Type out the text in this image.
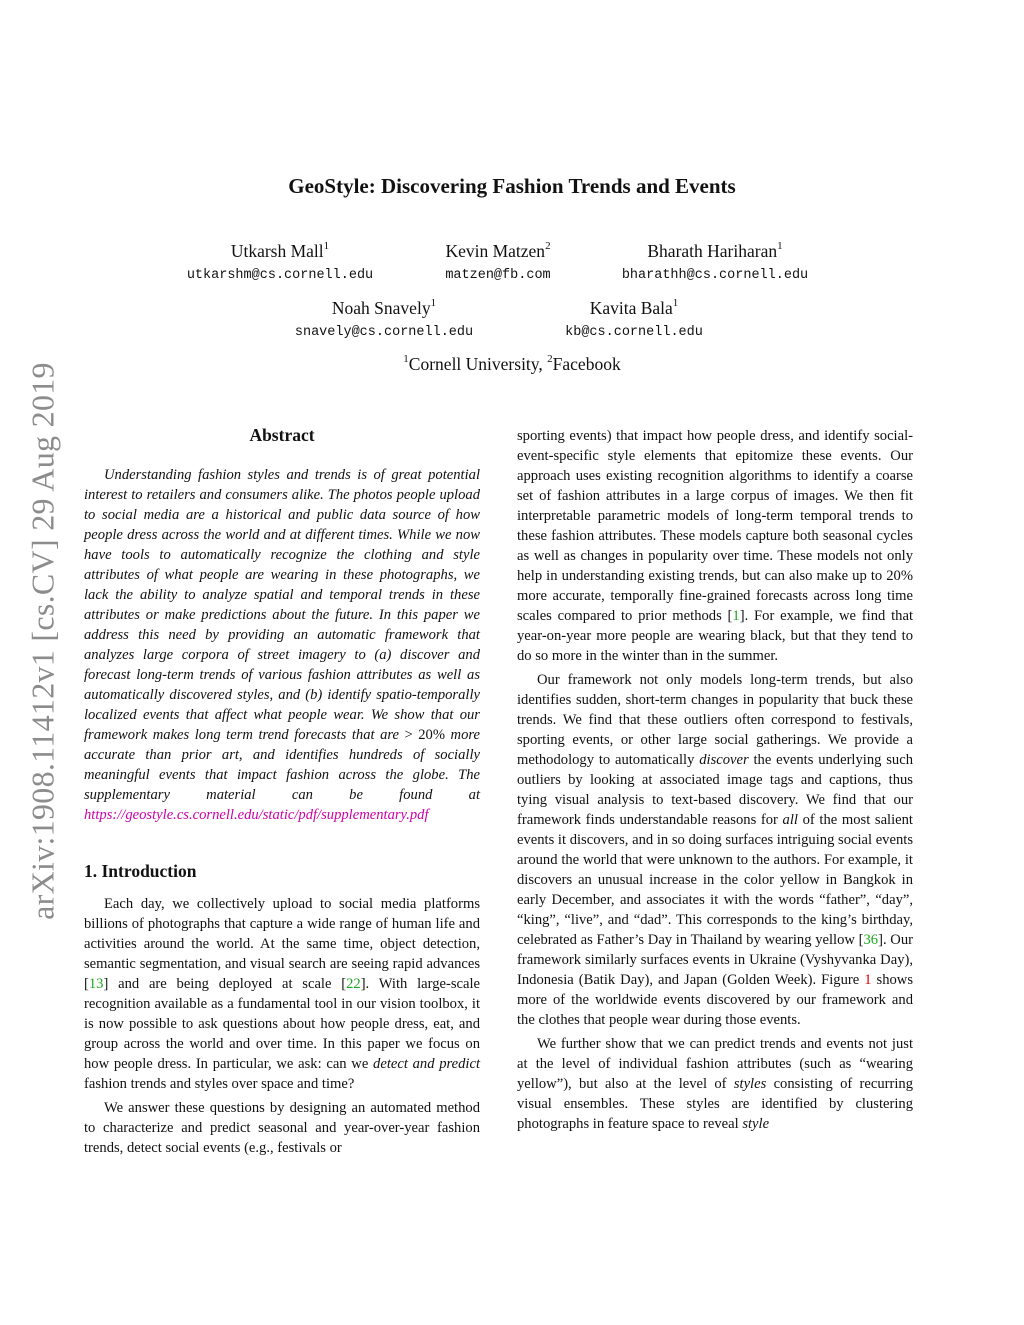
arXiv:1908.11412v1 [cs.CV] 29 Aug 2019
GeoStyle: Discovering Fashion Trends and Events
Utkarsh Mall$^1$
utkarshm@cs.cornell.edu
Kevin Matzen$^2$
matzen@fb.com
Bharath Hariharan$^1$
bharathh@cs.cornell.edu
Noah Snavely$^1$
snavely@cs.cornell.edu
Kavita Bala$^1$
kb@cs.cornell.edu
$^1$Cornell University, $^2$Facebook
Abstract

Understanding fashion styles and trends is of great potential interest to retailers and consumers alike. The photos people upload to social media are a historical and public data source of how people dress across the world and at different times. While we now have tools to automatically recognize the clothing and style attributes of what people are wearing in these photographs, we lack the ability to analyze spatial and temporal trends in these attributes or make predictions about the future. In this paper we address this need by providing an automatic framework that analyzes large corpora of street imagery to (a) discover and forecast long-term trends of various fashion attributes as well as automatically discovered styles, and (b) identify spatio-temporally localized events that affect what people wear. We show that our framework makes long term trend forecasts that are > 20% more accurate than prior art, and identifies hundreds of socially meaningful events that impact fashion across the globe. The supplementary material can be found at https://geostyle.cs.cornell.edu/static/pdf/supplementary.pdf

1. Introduction

Each day, we collectively upload to social media platforms billions of photographs that capture a wide range of human life and activities around the world. At the same time, object detection, semantic segmentation, and visual search are seeing rapid advances [13] and are being deployed at scale [22]. With large-scale recognition available as a fundamental tool in our vision toolbox, it is now possible to ask questions about how people dress, eat, and group across the world and over time. In this paper we focus on how people dress. In particular, we ask: can we detect and predict fashion trends and styles over space and time?

We answer these questions by designing an automated method to characterize and predict seasonal and year-over-year fashion trends, detect social events (e.g., festivals or

sporting events) that impact how people dress, and identify social-event-specific style elements that epitomize these events. Our approach uses existing recognition algorithms to identify a coarse set of fashion attributes in a large corpus of images. We then fit interpretable parametric models of long-term temporal trends to these fashion attributes. These models capture both seasonal cycles as well as changes in popularity over time. These models not only help in understanding existing trends, but can also make up to 20% more accurate, temporally fine-grained forecasts across long time scales compared to prior methods [1]. For example, we find that year-on-year more people are wearing black, but that they tend to do so more in the winter than in the summer.

Our framework not only models long-term trends, but also identifies sudden, short-term changes in popularity that buck these trends. We find that these outliers often correspond to festivals, sporting events, or other large social gatherings. We provide a methodology to automatically discover the events underlying such outliers by looking at associated image tags and captions, thus tying visual analysis to text-based discovery. We find that our framework finds understandable reasons for all of the most salient events it discovers, and in so doing surfaces intriguing social events around the world that were unknown to the authors. For example, it discovers an unusual increase in the color yellow in Bangkok in early December, and associates it with the words “father”, “day”, “king”, “live”, and “dad”. This corresponds to the king’s birthday, celebrated as Father’s Day in Thailand by wearing yellow [36]. Our framework similarly surfaces events in Ukraine (Vyshyvanka Day), Indonesia (Batik Day), and Japan (Golden Week). Figure 1 shows more of the worldwide events discovered by our framework and the clothes that people wear during those events.

We further show that we can predict trends and events not just at the level of individual fashion attributes (such as “wearing yellow”), but also at the level of styles consisting of recurring visual ensembles. These styles are identified by clustering photographs in feature space to reveal style
